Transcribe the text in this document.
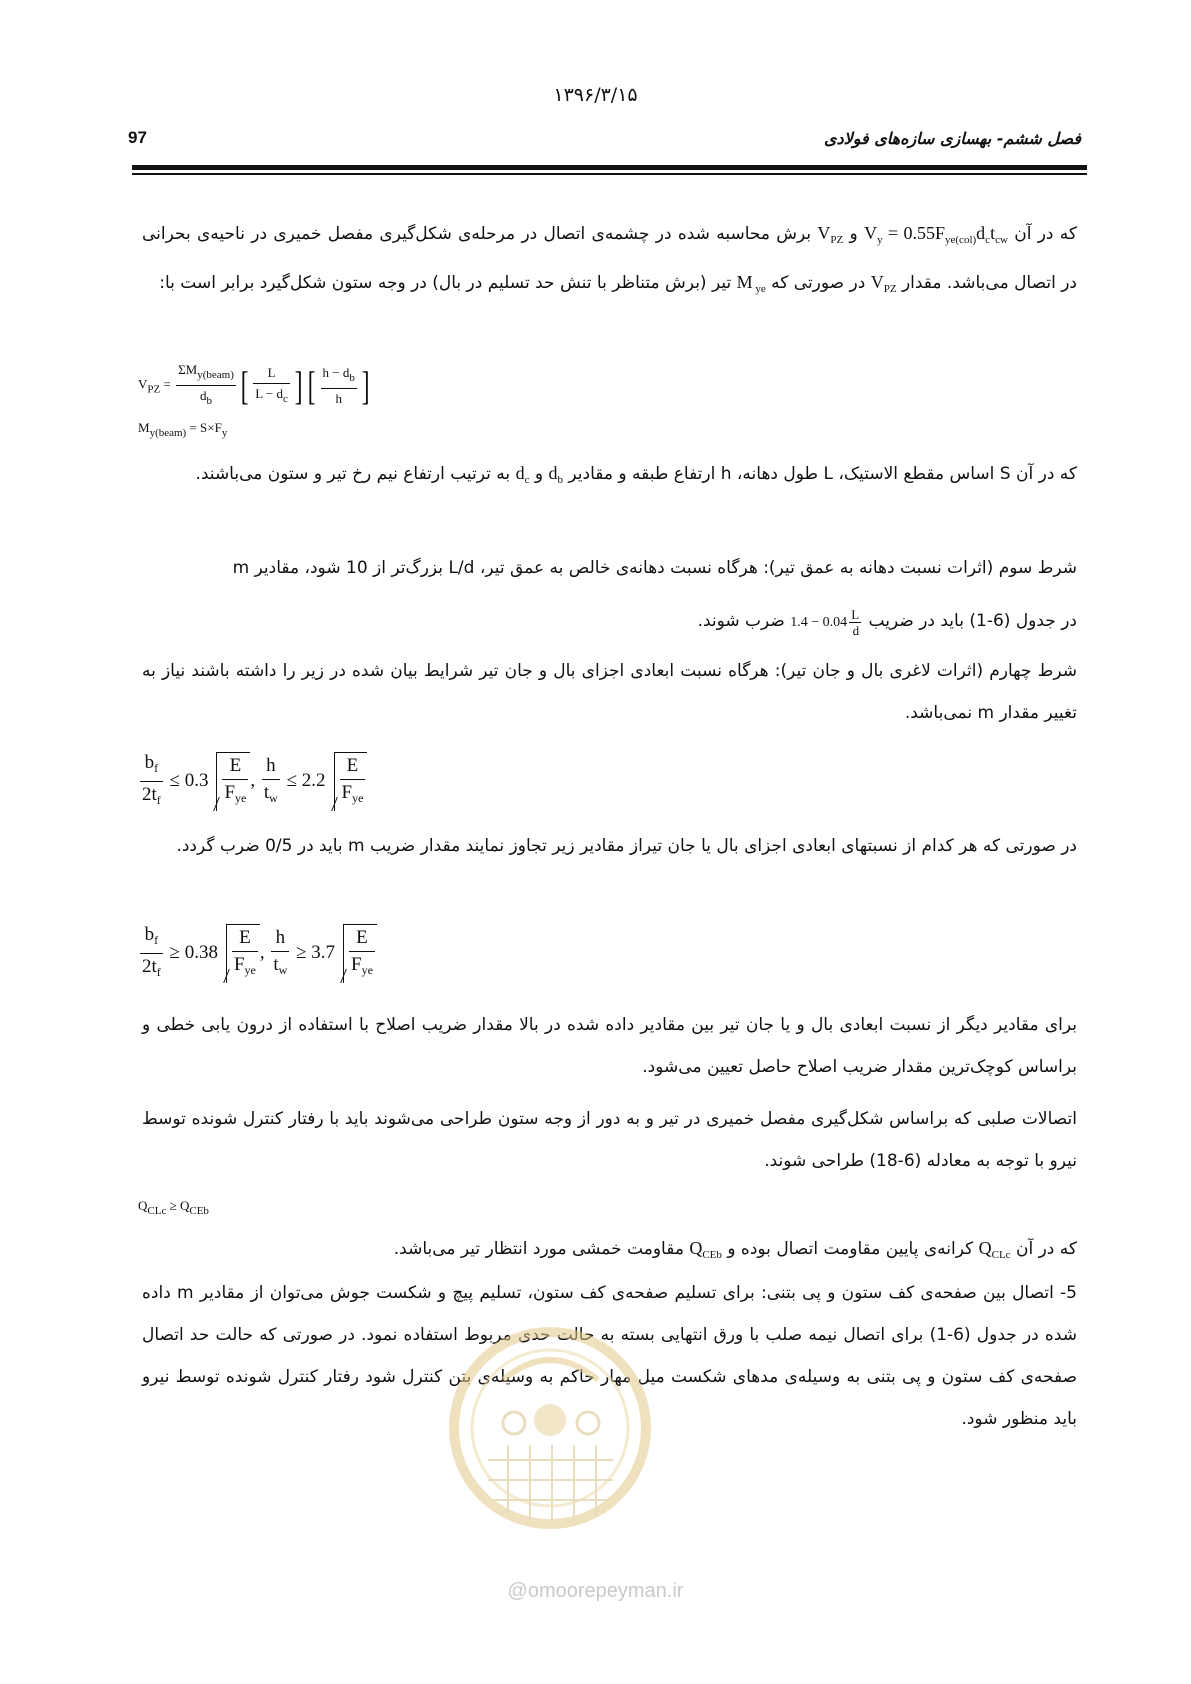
۱۳۹۶/۳/۱۵
97	فصل ششم- بهسازی سازه‌های فولادی
که در آن $V_y = 0.55F_{ye(col)}d_ct_{cw}$ و $V_{PZ}$ برش محاسبه شده در چشمه‌ی اتصال در مرحله‌ی شکل‌گیری مفصل خمیری در ناحیه‌ی بحرانی در اتصال می‌باشد. مقدار $V_{PZ}$ در صورتی که M $_{ye}$ تیر (برش متناظر با تنش حد تسلیم در بال) در وجه ستون شکل‌گیرد برابر است با:
$V_{PZ} = \frac{\Sigma M_{y(beam)}}{d_b}$ [ $\frac{L}{L - d_c}$ ] [ $\frac{h - d_b}{h}$ ]
$M_{y(beam)} = S\times F_y$
که در آن S اساس مقطع الاستیک، L طول دهانه، h ارتفاع طبقه و مقادیر $d_b$ و $d_c$ به ترتیب ارتفاع نیم رخ تیر و ستون می‌باشند.
شرط سوم (اثرات نسبت دهانه به عمق تیر): هرگاه نسبت دهانه‌ی خالص به عمق تیر، L/d بزرگ‌تر از 10 شود، مقادیر m
در جدول (6-1) باید در ضریب $1.4 - 0.04 \frac{L}{d}$
ضرب شوند.
شرط چهارم (اثرات لاغری بال و جان تیر): هرگاه نسبت ابعادی اجزای بال و جان تیر شرایط بیان شده در زیر را داشته باشند نیاز به تغییر مقدار m نمی‌باشد.
$\frac{b_f}{2t_f} \le 0.3 \frac{E}{F_{ye}}$ , $\frac{h}{t_w} \le 2.2 \frac{E}{F_{ye}}$
در صورتی که هر کدام از نسبتهای ابعادی اجزای بال یا جان تیراز مقادیر زیر تجاوز نمایند مقدار ضریب m باید در 0/5 ضرب گردد.
$\frac{b_f}{2t_f} \ge 0.38 \frac{E}{F_{ye}}$ , $\frac{h}{t_w} \ge 3.7 \frac{E}{F_{ye}}$
برای مقادیر دیگر از نسبت ابعادی بال و یا جان تیر بین مقادیر داده شده در بالا مقدار ضریب اصلاح با استفاده از درون یابی خطی و براساس کوچک‌ترین مقدار ضریب اصلاح حاصل تعیین می‌شود.
اتصالات صلبی که براساس شکل‌گیری مفصل خمیری در تیر و به دور از وجه ستون طراحی می‌شوند باید با رفتار کنترل شونده توسط نیرو با توجه به معادله (6-18) طراحی شوند.
$Q_{CLc} \ge Q_{CEb}$
که در آن $Q_{CLc}$ کرانه‌ی پایین مقاومت اتصال بوده و $Q_{CEb}$ مقاومت خمشی مورد انتظار تیر می‌باشد.
5- اتصال بین صفحه‌ی کف ستون و پی بتنی: برای تسلیم صفحه‌ی کف ستون، تسلیم پیچ و شکست جوش می‌توان از مقادیر m داده شده در جدول (6-1) برای اتصال نیمه صلب با ورق انتهایی بسته به حالت حدی مربوط استفاده نمود. در صورتی که حالت حد اتصال صفحه‌ی کف ستون و پی بتنی به وسیله‌ی مدهای شکست میل مهار حاکم به وسیله‌ی بتن کنترل شود رفتار کنترل شونده توسط نیرو باید منظور شود.
@omoorepeyman.ir
